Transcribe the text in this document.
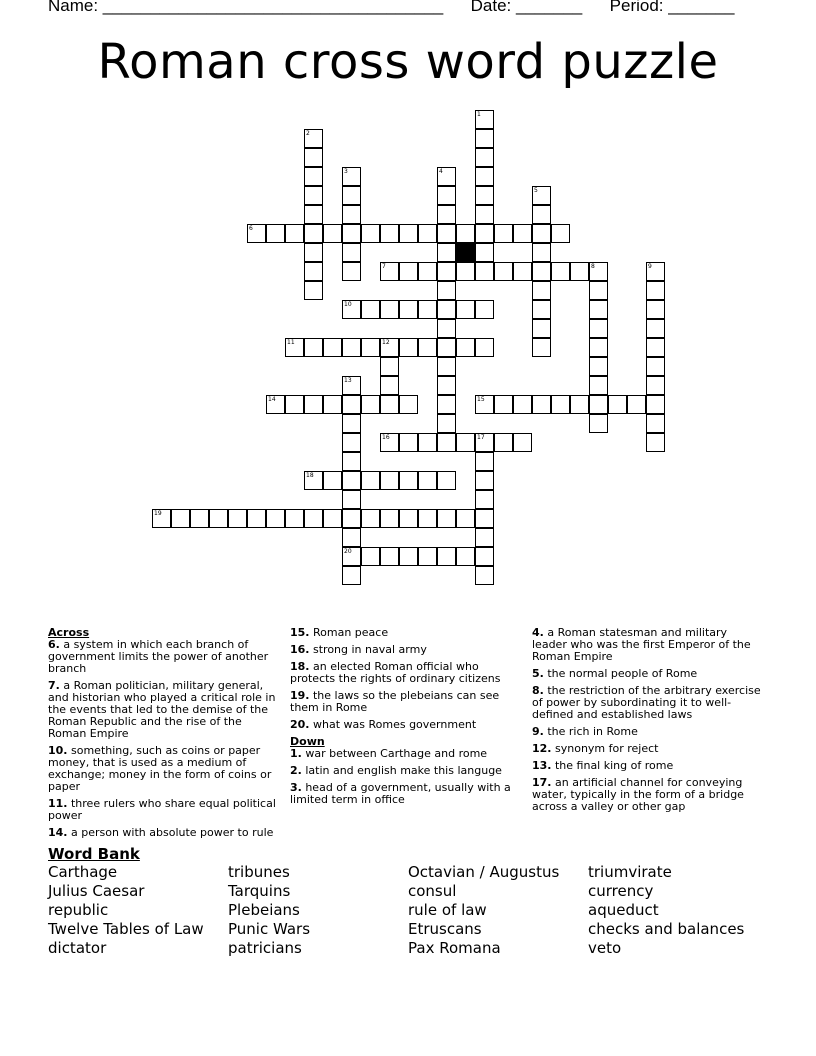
Name: ____________________________________ Date: _______ Period: _______
Roman cross word puzzle
1
2
3	4
5
6
7	8	9
10
11	12
13
20
14	15
16	17
18
19
Across
6. a system in which each branch of government limits the power of another branch
7. a Roman politician, military general, and historian who played a critical role in the events that led to the demise of the Roman Republic and the rise of the Roman Empire
10. something, such as coins or paper money, that is used as a medium of exchange; money in the form of coins or paper
11. three rulers who share equal political power
14. a person with absolute power to rule
15. Roman peace
16. strong in naval army
18. an elected Roman official who protects the rights of ordinary citizens
19. the laws so the plebeians can see them in Rome
20. what was Romes government
Down
1. war between Carthage and rome
2. latin and english make this languge
3. head of a government, usually with a limited term in office
4. a Roman statesman and military leader who was the first Emperor of the Roman Empire
5. the normal people of Rome
8. the restriction of the arbitrary exercise of power by subordinating it to well-defined and established laws
9. the rich in Rome
12. synonym for reject
13. the final king of rome
17. an artificial channel for conveying water, typically in the form of a bridge across a valley or other gap
Word Bank
Carthage
Julius Caesar
republic
Twelve Tables of Law
dictator
tribunes
Tarquins
Plebeians
Punic Wars
patricians
Octavian / Augustus
consul
rule of law
Etruscans
Pax Romana
triumvirate
currency
aqueduct
checks and balances
veto
